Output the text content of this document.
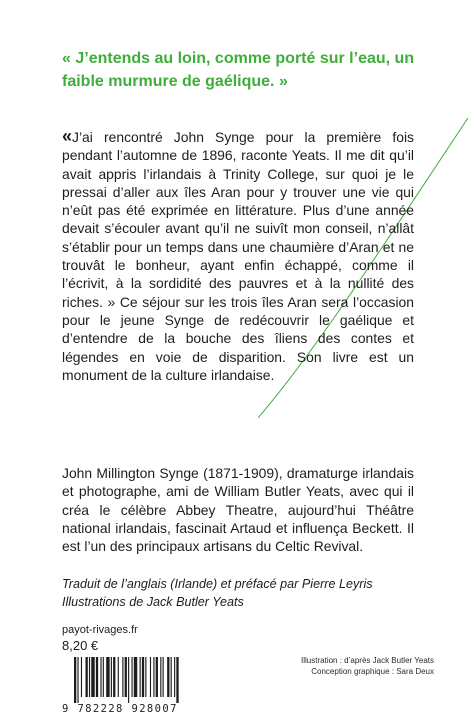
« J’entends au loin, comme porté sur l’eau, un faible murmure de gaélique. »

« J’ai rencontré John Synge pour la première fois pendant l’automne de 1896, raconte Yeats. Il me dit qu’il avait appris l’irlandais à Trinity College, sur quoi je le pressai d’aller aux îles Aran pour y trouver une vie qui n’eût pas été exprimée en littérature. Plus d’une année devait s’écouler avant qu’il ne suivît mon conseil, n’allât s’établir pour un temps dans une chaumière d’Aran et ne trouvât le bonheur, ayant enfin échappé, comme il l’écrivit, à la sordidité des pauvres et à la nullité des riches. » Ce séjour sur les trois îles Aran sera l’occasion pour le jeune Synge de redécouvrir le gaélique et d’entendre de la bouche des îliens des contes et légendes en voie de disparition. Son livre est un monument de la culture irlandaise.

John Millington Synge (1871-1909), dramaturge irlandais et photographe, ami de William Butler Yeats, avec qui il créa le célèbre Abbey Theatre, aujourd’hui Théâtre national irlandais, fascinait Artaud et influença Beckett. Il est l’un des principaux artisans du Celtic Revival.

Traduit de l’anglais (Irlande) et préfacé par Pierre Leyris
Illustrations de Jack Butler Yeats
payot-rivages.fr
8,20 €
9 782228 928007
Illustration : d’après Jack Butler Yeats
Conception graphique : Sara Deux
